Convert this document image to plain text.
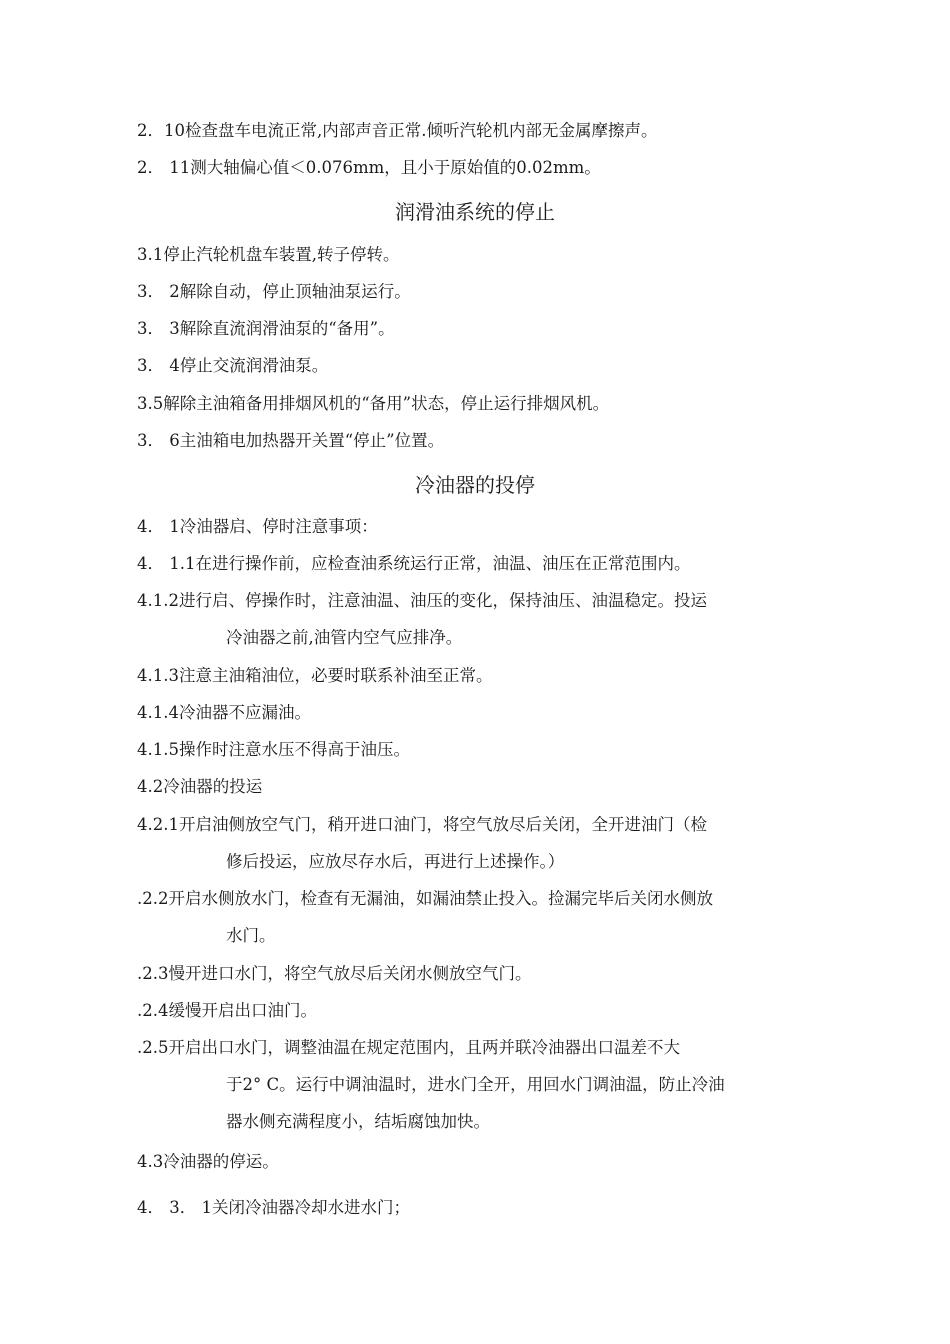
2．10检查盘车电流正常,内部声音正常.倾听汽轮机内部无金属摩擦声。
2． 11测大轴偏心值＜0.076mm，且小于原始值的0.02mm。
润滑油系统的停止
3.1停止汽轮机盘车装置,转子停转。
3． 2解除自动，停止顶轴油泵运行。
3． 3解除直流润滑油泵的“备用”。
3． 4停止交流润滑油泵。
3.5解除主油箱备用排烟风机的“备用”状态，停止运行排烟风机。
3． 6主油箱电加热器开关置“停止”位置。
冷油器的投停
4． 1冷油器启、停时注意事项：
4． 1.1在进行操作前，应检查油系统运行正常，油温、油压在正常范围内。
4.1.2进行启、停操作时，注意油温、油压的变化，保持油压、油温稳定。投运
冷油器之前,油管内空气应排净。
4.1.3注意主油箱油位，必要时联系补油至正常。
4.1.4冷油器不应漏油。
4.1.5操作时注意水压不得高于油压。
4.2冷油器的投运
4.2.1开启油侧放空气门，稍开进口油门，将空气放尽后关闭，全开进油门（检
修后投运，应放尽存水后，再进行上述操作。）
.2.2开启水侧放水门，检查有无漏油，如漏油禁止投入。捡漏完毕后关闭水侧放
水门。
.2.3慢开进口水门，将空气放尽后关闭水侧放空气门。
.2.4缓慢开启出口油门。
.2.5开启出口水门，调整油温在规定范围内，且两并联冷油器出口温差不大
于2° C。运行中调油温时，进水门全开，用回水门调油温，防止冷油
器水侧充满程度小，结垢腐蚀加快。
4.3冷油器的停运。
4． 3． 1关闭冷油器冷却水进水门；
